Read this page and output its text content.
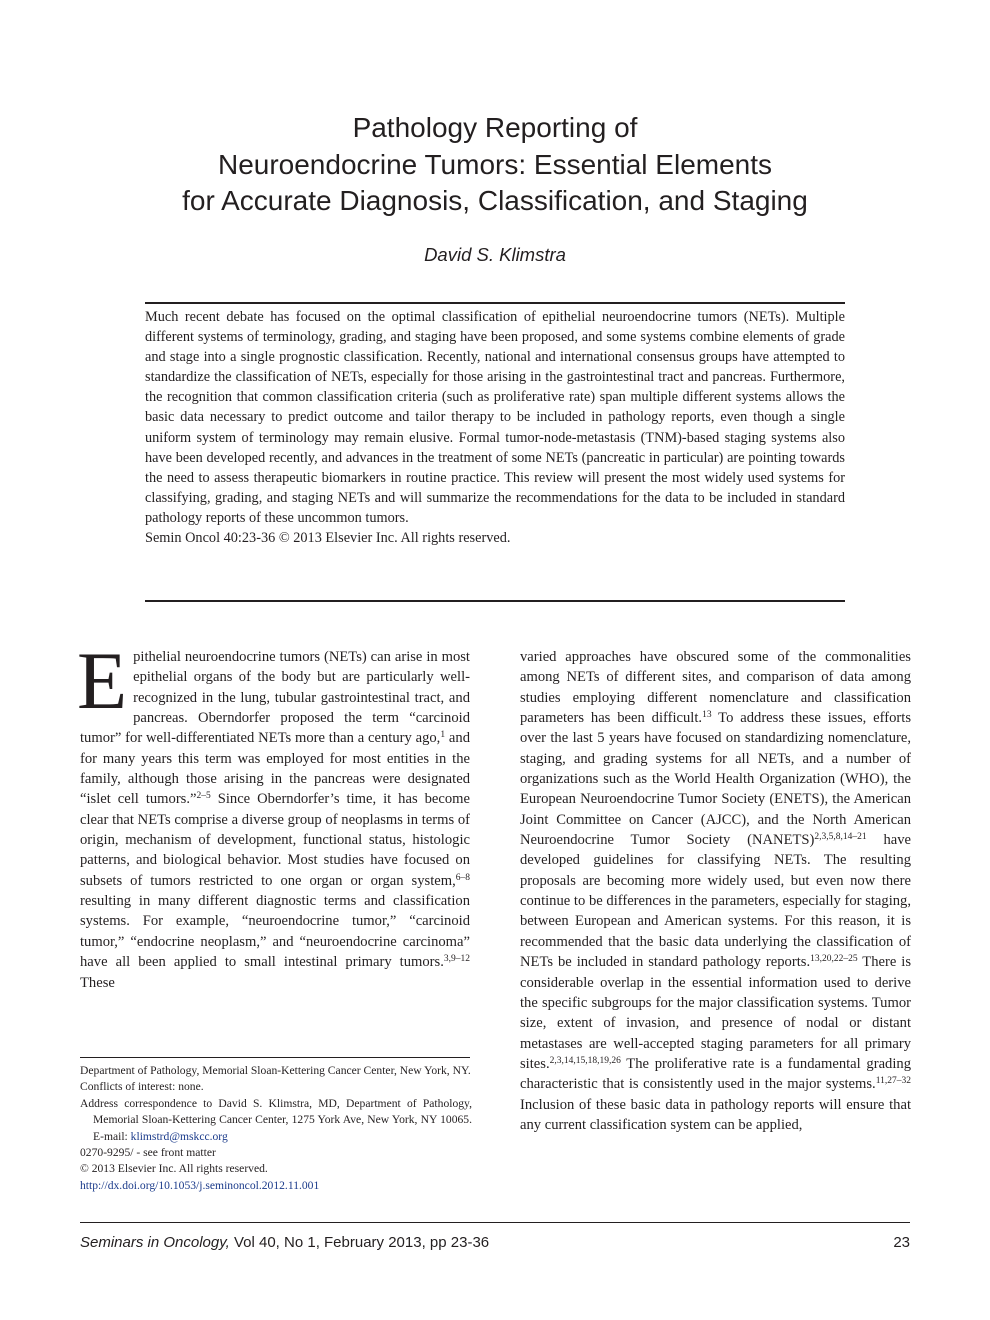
Pathology Reporting of
Neuroendocrine Tumors: Essential Elements
for Accurate Diagnosis, Classification, and Staging
David S. Klimstra
Much recent debate has focused on the optimal classification of epithelial neuroendocrine tumors (NETs). Multiple different systems of terminology, grading, and staging have been proposed, and some systems combine elements of grade and stage into a single prognostic classification. Recently, national and international consensus groups have attempted to standardize the classification of NETs, especially for those arising in the gastrointestinal tract and pancreas. Furthermore, the recognition that common classification criteria (such as proliferative rate) span multiple different systems allows the basic data necessary to predict outcome and tailor therapy to be included in pathology reports, even though a single uniform system of terminology may remain elusive. Formal tumor-node-metastasis (TNM)-based staging systems also have been developed recently, and advances in the treatment of some NETs (pancreatic in particular) are pointing towards the need to assess therapeutic biomarkers in routine practice. This review will present the most widely used systems for classifying, grading, and staging NETs and will summarize the recommendations for the data to be included in standard pathology reports of these uncommon tumors.
Semin Oncol 40:23-36 © 2013 Elsevier Inc. All rights reserved.

Epithelial neuroendocrine tumors (NETs) can arise in most epithelial organs of the body but are particularly well-recognized in the lung, tubular gastrointestinal tract, and pancreas. Oberndorfer proposed the term “carcinoid tumor” for well-differentiated NETs more than a century ago,$^1$ and for many years this term was employed for most entities in the family, although those arising in the pancreas were designated “islet cell tumors.”$^{2-5}$ Since Oberndorfer’s time, it has become clear that NETs comprise a diverse group of neoplasms in terms of origin, mechanism of development, functional status, histologic patterns, and biological behavior. Most studies have focused on subsets of tumors restricted to one organ or organ system,$^{6-8}$ resulting in many different diagnostic terms and classification systems. For example, “neuroendocrine tumor,” “carcinoid tumor,” “endocrine neoplasm,” and “neuroendocrine carcinoma” have all been applied to small intestinal primary tumors.$^{3,9-12}$ These

Department of Pathology, Memorial Sloan-Kettering Cancer Center, New York, NY.
Conflicts of interest: none.
Address correspondence to David S. Klimstra, MD, Department of Pathology, Memorial Sloan-Kettering Cancer Center, 1275 York Ave, New York, NY 10065. E-mail: klimstrd@mskcc.org
0270-9295/ - see front matter
© 2013 Elsevier Inc. All rights reserved.
http://dx.doi.org/10.1053/j.seminoncol.2012.11.001

varied approaches have obscured some of the commonalities among NETs of different sites, and comparison of data among studies employing different nomenclature and classification parameters has been difficult.$^{13}$ To address these issues, efforts over the last 5 years have focused on standardizing nomenclature, staging, and grading systems for all NETs, and a number of organizations such as the World Health Organization (WHO), the European Neuroendocrine Tumor Society (ENETS), the American Joint Committee on Cancer (AJCC), and the North American Neuroendocrine Tumor Society (NANETS)$^{2,3,5,8,14-21}$ have developed guidelines for classifying NETs. The resulting proposals are becoming more widely used, but even now there continue to be differences in the parameters, especially for staging, between European and American systems. For this reason, it is recommended that the basic data underlying the classification of NETs be included in standard pathology reports.$^{13,20,22-25}$ There is considerable overlap in the essential information used to derive the specific subgroups for the major classification systems. Tumor size, extent of invasion, and presence of nodal or distant metastases are well-accepted staging parameters for all primary sites.$^{2,3,14,15,18,19,26}$ The proliferative rate is a fundamental grading characteristic that is consistently used in the major systems.$^{11,27-32}$ Inclusion of these basic data in pathology reports will ensure that any current classification system can be applied,

Seminars in Oncology, Vol 40, No 1, February 2013, pp 23-36	23
